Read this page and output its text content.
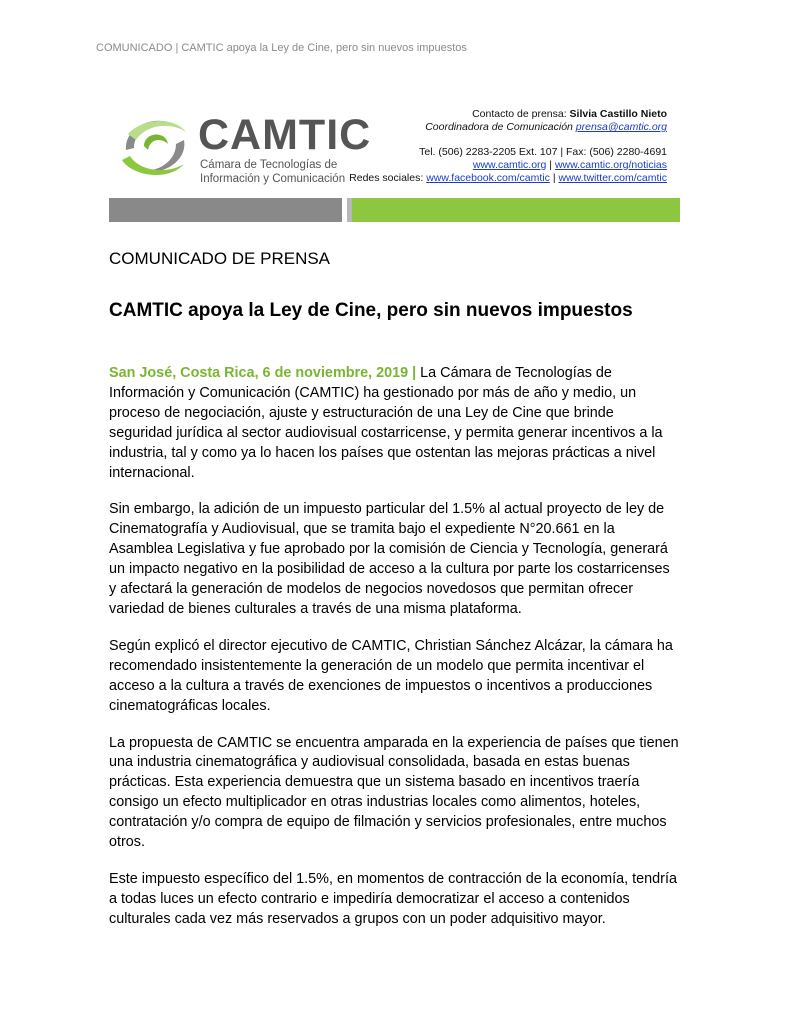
COMUNICADO | CAMTIC apoya la Ley de Cine, pero sin nuevos impuestos
CAMTIC
Cámara de Tecnologías de
Información y Comunicación
Contacto de prensa: Silvia Castillo Nieto
Coordinadora de Comunicación prensa@camtic.org
Tel. (506) 2283-2205 Ext. 107 | Fax: (506) 2280-4691
www.camtic.org | www.camtic.org/noticias
Redes sociales: www.facebook.com/camtic | www.twitter.com/camtic
COMUNICADO DE PRENSA
CAMTIC apoya la Ley de Cine, pero sin nuevos impuestos

San José, Costa Rica, 6 de noviembre, 2019 | La Cámara de Tecnologías de Información y Comunicación (CAMTIC) ha gestionado por más de año y medio, un proceso de negociación, ajuste y estructuración de una Ley de Cine que brinde seguridad jurídica al sector audiovisual costarricense, y permita generar incentivos a la industria, tal y como ya lo hacen los países que ostentan las mejoras prácticas a nivel internacional.

Sin embargo, la adición de un impuesto particular del 1.5% al actual proyecto de ley de Cinematografía y Audiovisual, que se tramita bajo el expediente N°20.661 en la Asamblea Legislativa y fue aprobado por la comisión de Ciencia y Tecnología, generará un impacto negativo en la posibilidad de acceso a la cultura por parte los costarricenses y afectará la generación de modelos de negocios novedosos que permitan ofrecer variedad de bienes culturales a través de una misma plataforma.

Según explicó el director ejecutivo de CAMTIC, Christian Sánchez Alcázar, la cámara ha recomendado insistentemente la generación de un modelo que permita incentivar el acceso a la cultura a través de exenciones de impuestos o incentivos a producciones cinematográficas locales.

La propuesta de CAMTIC se encuentra amparada en la experiencia de países que tienen una industria cinematográfica y audiovisual consolidada, basada en estas buenas prácticas. Esta experiencia demuestra que un sistema basado en incentivos traería consigo un efecto multiplicador en otras industrias locales como alimentos, hoteles, contratación y/o compra de equipo de filmación y servicios profesionales, entre muchos otros.

Este impuesto específico del 1.5%, en momentos de contracción de la economía, tendría a todas luces un efecto contrario e impediría democratizar el acceso a contenidos culturales cada vez más reservados a grupos con un poder adquisitivo mayor.
